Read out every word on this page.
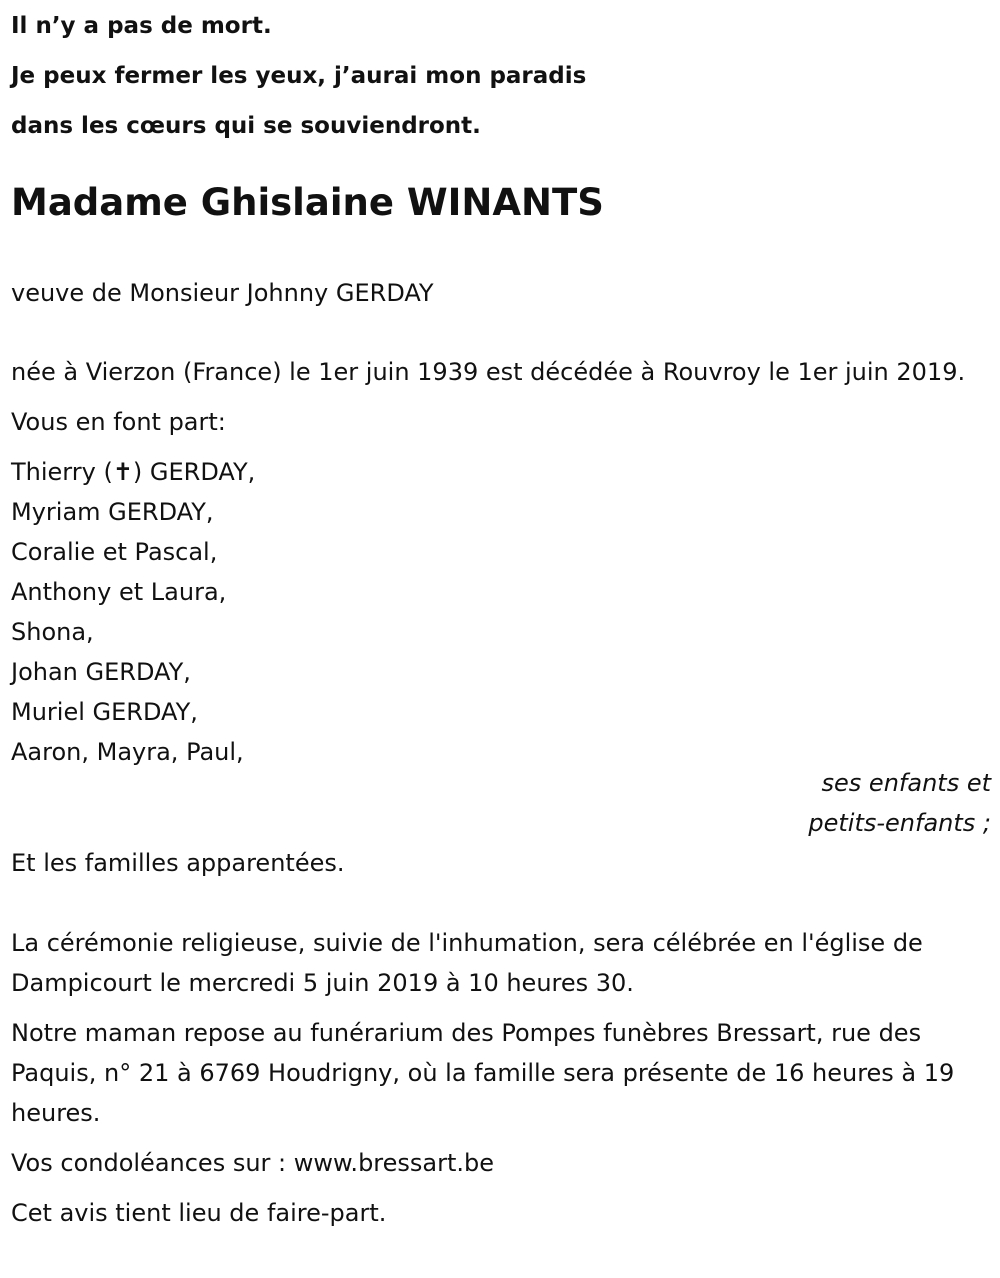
Il n’y a pas de mort.

Je peux fermer les yeux, j’aurai mon paradis

dans les cœurs qui se souviendront.

Madame Ghislaine WINANTS

veuve de Monsieur Johnny GERDAY

née à Vierzon (France) le 1er juin 1939 est décédée à Rouvroy le 1er juin 2019.

Vous en font part:

Thierry (✝) GERDAY,

Myriam GERDAY,

Coralie et Pascal,

Anthony et Laura,

Shona,

Johan GERDAY,

Muriel GERDAY,

Aaron, Mayra, Paul,

ses enfants et

petits-enfants ;

Et les familles apparentées.

La cérémonie religieuse, suivie de l'inhumation, sera célébrée en l'église de Dampicourt le mercredi 5 juin 2019 à 10 heures 30.

Notre maman repose au funérarium des Pompes funèbres Bressart, rue des Paquis, n° 21 à 6769 Houdrigny, où la famille sera présente de 16 heures à 19 heures.

Vos condoléances sur : www.bressart.be

Cet avis tient lieu de faire-part.
